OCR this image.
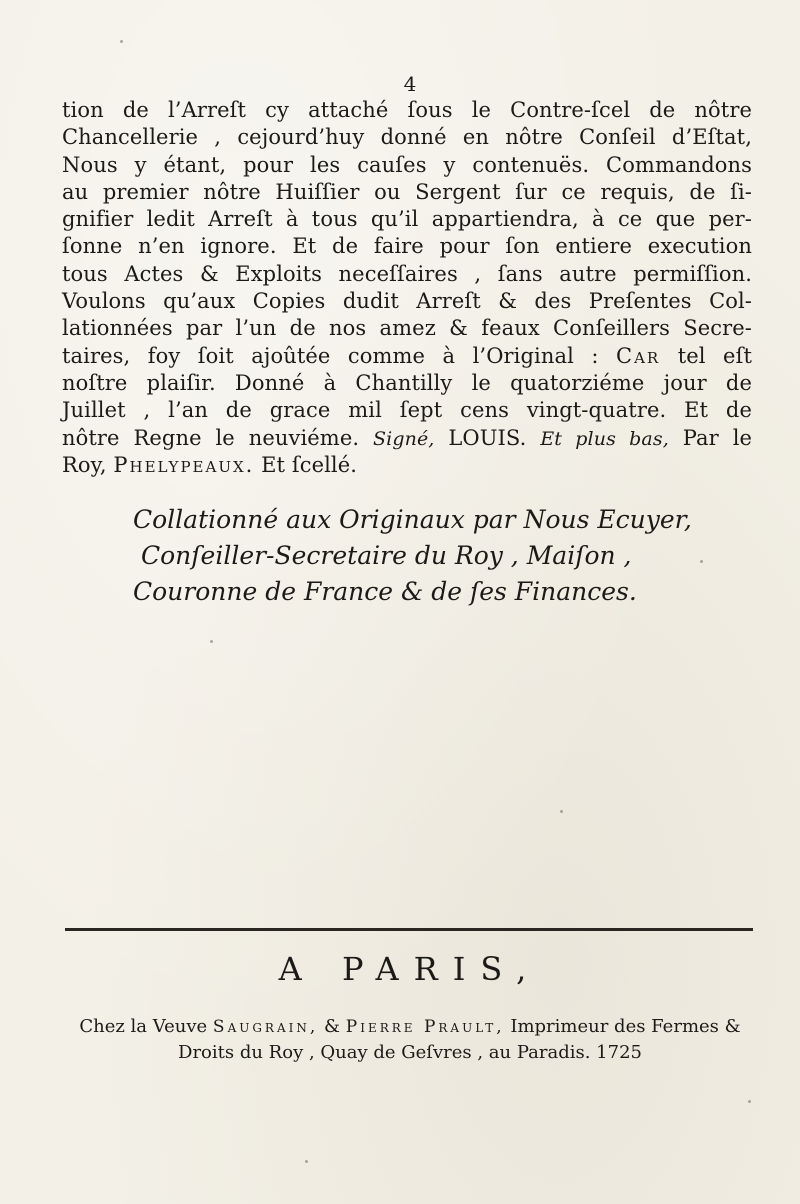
4
tion de l’Arreſt cy attaché ſous le Contre-ſcel de nôtre
Chancellerie , cejourd’huy donné en nôtre Conſeil d’Eſtat,
Nous y étant, pour les cauſes y contenuës. Commandons
au premier nôtre Huiſſier ou Sergent ſur ce requis, de ſi-
gnifier ledit Arreſt à tous qu’il appartiendra, à ce que per-
ſonne n’en ignore. Et de faire pour ſon entiere execution
tous Actes & Exploits neceſſaires , ſans autre permiſſion.
Voulons qu’aux Copies dudit Arreſt & des Preſentes Col-
lationnées par l’un de nos amez & feaux Conſeillers Secre-
taires, foy ſoit ajoûtée comme à l’Original : Car tel eſt
noſtre plaiſir. Donné à Chantilly le quatorziéme jour de
Juillet , l’an de grace mil ſept cens vingt-quatre. Et de
nôtre Regne le neuviéme. Signé, LOUIS. Et plus bas, Par le
Roy, Phelypeaux. Et ſcellé.
Collationné aux Originaux par Nous Ecuyer,
Conſeiller-Secretaire du Roy , Maiſon ,
Couronne de France & de ſes Finances.
A PARIS,
Chez la Veuve Saugrain, & Pierre Prault, Imprimeur des Fermes &
Droits du Roy , Quay de Geſvres , au Paradis. 1725
